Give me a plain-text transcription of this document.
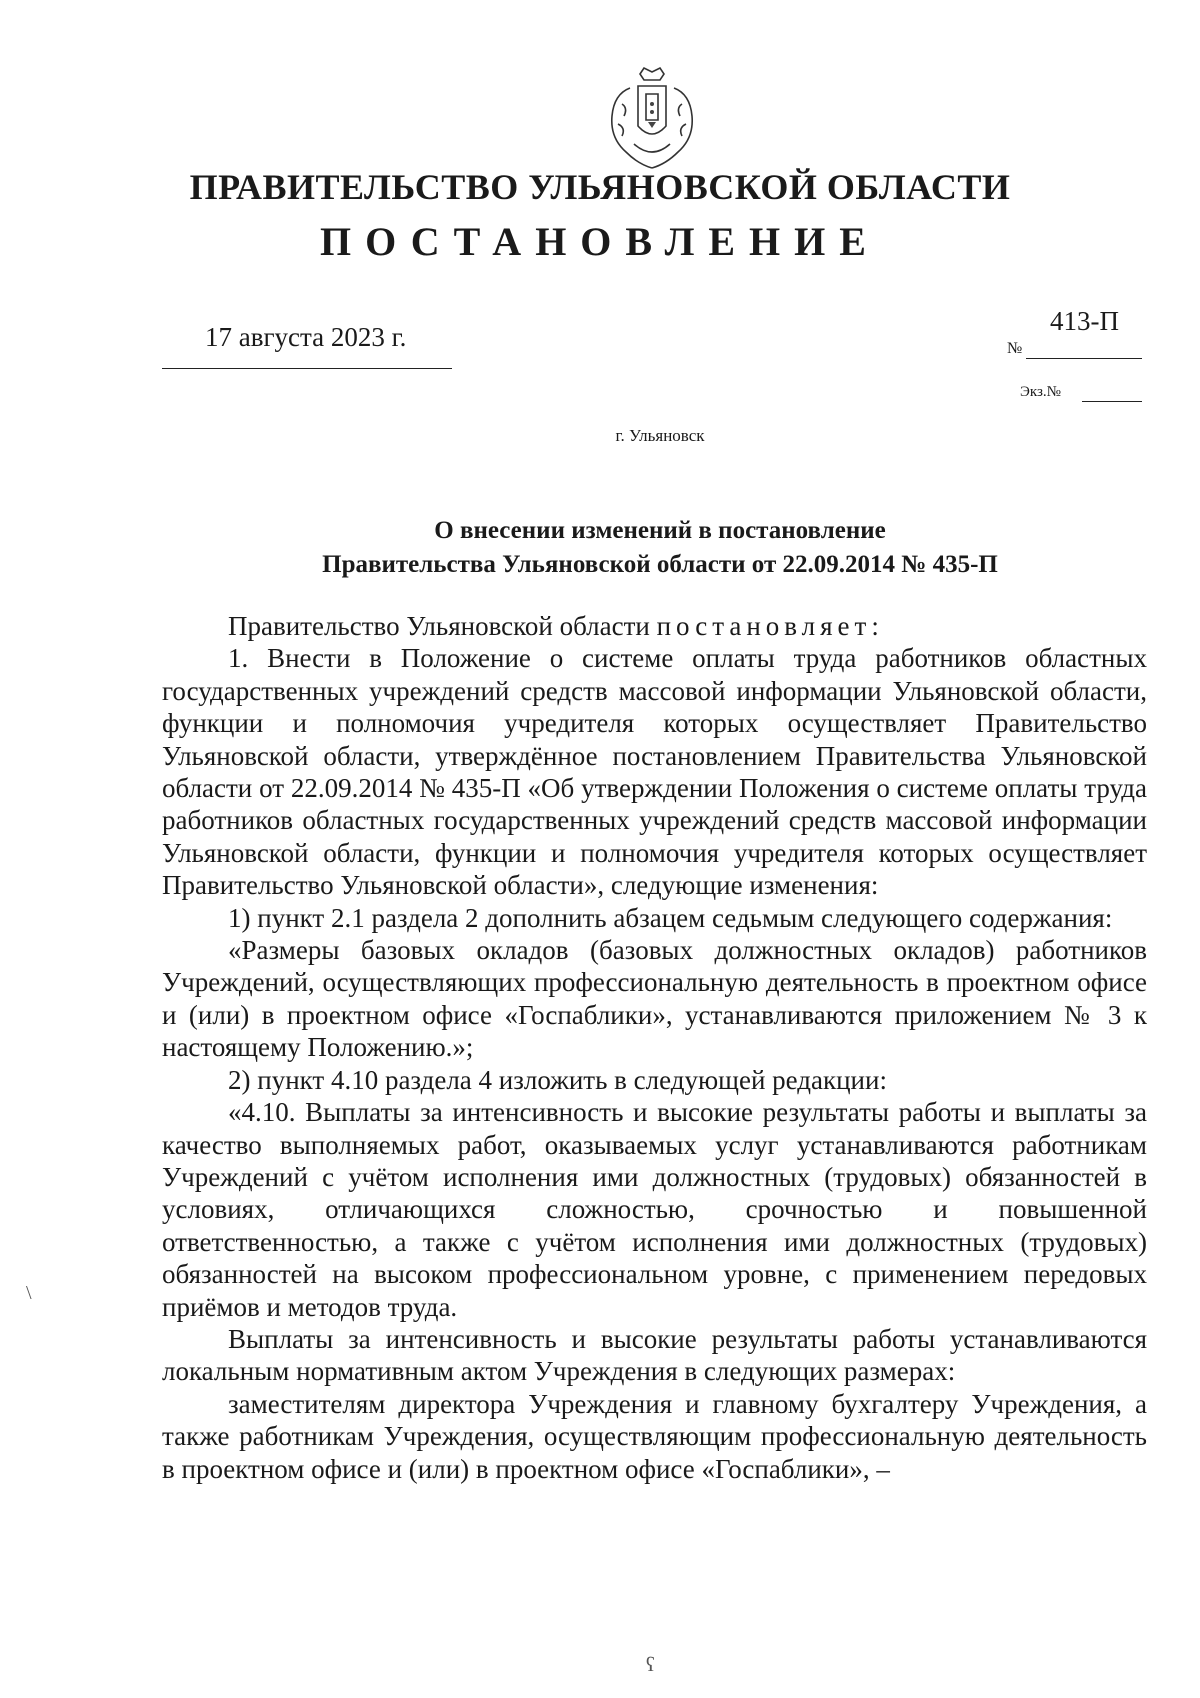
ПРАВИТЕЛЬСТВО УЛЬЯНОВСКОЙ ОБЛАСТИ
ПОСТАНОВЛЕНИЕ
17 августа 2023 г.	№
413-П
Экз.№
г. Ульяновск
О внесении изменений в постановление
Правительства Ульяновской области от 22.09.2014 № 435-П

Правительство Ульяновской области постановляет:

1. Внести в Положение о системе оплаты труда работников областных государственных учреждений средств массовой информации Ульяновской области, функции и полномочия учредителя которых осуществляет Правительство Ульяновской области, утверждённое постановлением Правительства Ульяновской области от 22.09.2014 № 435-П «Об утверждении Положения о системе оплаты труда работников областных государственных учреждений средств массовой информации Ульяновской области, функции и полномочия учредителя которых осуществляет Правительство Ульяновской области», следующие изменения:

1) пункт 2.1 раздела 2 дополнить абзацем седьмым следующего содержания:

«Размеры базовых окладов (базовых должностных окладов) работников Учреждений, осуществляющих профессиональную деятельность в проектном офисе и (или) в проектном офисе «Госпаблики», устанавливаются приложением № 3 к настоящему Положению.»;

2) пункт 4.10 раздела 4 изложить в следующей редакции:

«4.10. Выплаты за интенсивность и высокие результаты работы и выплаты за качество выполняемых работ, оказываемых услуг устанавливаются работникам Учреждений с учётом исполнения ими должностных (трудовых) обязанностей в условиях, отличающихся сложностью, срочностью и повышенной ответственностью, а также с учётом исполнения ими должностных (трудовых) обязанностей на высоком профессиональном уровне, с применением передовых приёмов и методов труда.

Выплаты за интенсивность и высокие результаты работы устанавливаются локальным нормативным актом Учреждения в следующих размерах:

заместителям директора Учреждения и главному бухгалтеру Учреждения, а также работникам Учреждения, осуществляющим профессиональную деятельность в проектном офисе и (или) в проектном офисе «Госпаблики», –

\
ʕ
